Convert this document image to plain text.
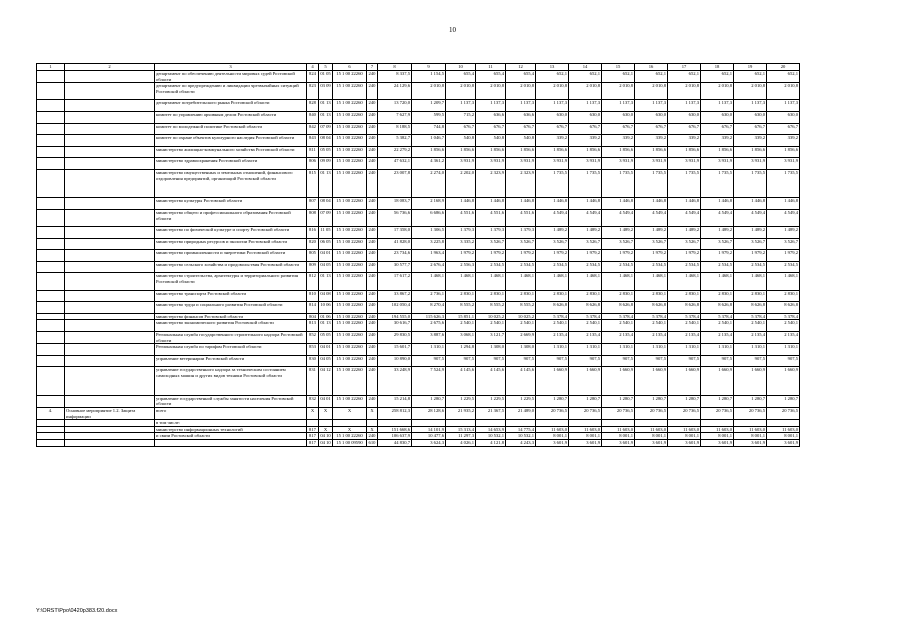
10
1	2	3	4	5	6	7	8	9	10	11	12	13	14	15	16	17	18	19	20
		департамент по обеспечению деятельности мировых судей Ростовской области	824	01 05	15 1 00 22260	240	8 337,5	1 154,5	655,4	655,4	655,4	652,1	652,1	652,1	652,1	652,1	652,1	652,1	652,1
		департамент по предупреждению и ликвидации чрезвычайных ситуаций Ростовской области	823	03 09	15 1 00 22260	240	24 129,6	2 010,8	2 010,8	2 010,8	2 010,8	2 010,8	2 010,8	2 010,8	2 010,8	2 010,8	2 010,8	2 010,8	2 010,8
		департамент потребительского рынка Ростовской области	828	01 13	15 1 00 22260	240	13 720,0	1 209,7	1 137,3	1 137,3	1 137,3	1 137,3	1 137,3	1 137,3	1 137,3	1 137,3	1 137,3	1 137,3	1 137,3
		комитет по управлению архивным делом Ростовской области	840	01 13	15 1 00 22260	240	7 627,9	599,5	715,2	636,6	636,6	630,0	630,0	630,0	630,0	630,0	630,0	630,0	630,0
		комитет по молодежной политике Ростовской области	842	07 09	15 1 00 22260	240	8 188,5	744,8	676,7	676,7	676,7	676,7	676,7	676,7	676,7	676,7	676,7	676,7	676,7
		комитет по охране объектов культурного наследия Ростовской области	843	08 04	15 1 00 22260	240	5 382,7	1 046,7	540,8	540,8	540,8	339,2	339,2	339,2	339,2	339,2	339,2	339,2	339,2
		министерство жилищно-коммунального хозяйства Ростовской области	811	05 05	15 1 00 22260	240	22 279,2	1 856,6	1 856,6	1 856,6	1 856,6	1 856,6	1 856,6	1 856,6	1 856,6	1 856,6	1 856,6	1 856,6	1 856,6
		министерство здравоохранения Ростовской области	806	09 09	15 1 00 22260	240	47 632,1	4 361,2	3 931,9	3 931,9	3 931,9	3 931,9	3 931,9	3 931,9	3 931,9	3 931,9	3 931,9	3 931,9	3 931,9
		министерство имущественных и земельных отношений, финансового оздоровления предприятий, организаций Ростовской области	815	01 13	15 1 00 22260	240	23 007,8	2 274,0	2 202,0	2 323,9	2 323,9	1 735,5	1 735,5	1 735,5	1 735,5	1 735,5	1 735,5	1 735,5	1 735,5
		министерство культуры Ростовской области	807	08 04	15 1 00 22260	240	18 083,7	2 168,9	1 446,8	1 446,8	1 446,8	1 446,8	1 446,8	1 446,8	1 446,8	1 446,8	1 446,8	1 446,8	1 446,8
		министерство общего и профессионального образования Ростовской области	808	07 09	15 1 00 22260	240	56 736,6	6 686,6	4 551,6	4 551,6	4 551,6	4 549,4	4 549,4	4 549,4	4 549,4	4 549,4	4 549,4	4 549,4	4 549,4
		министерство по физической культуре и спорту Ростовской области	816	11 05	15 1 00 22260	240	17 358,0	1 306,5	1 379,3	1 379,3	1 379,3	1 489,2	1 489,2	1 489,2	1 489,2	1 489,2	1 489,2	1 489,2	1 489,2
		министерство природных ресурсов и экологии Ростовской области	820	06 05	15 1 00 22260	240	41 828,0	3 225,8	3 335,2	3 526,7	3 526,7	3 526,7	3 526,7	3 526,7	3 526,7	3 526,7	3 526,7	3 526,7	3 526,7
		министерство промышленности и энергетики Ростовской области	805	04 01	15 1 00 22260	240	23 734,6	1 963,4	1 979,2	1 979,2	1 979,2	1 979,2	1 979,2	1 979,2	1 979,2	1 979,2	1 979,2	1 979,2	1 979,2
		министерство сельского хозяйства и продовольствия Ростовской области	809	04 05	15 1 00 22260	240	30 577,7	2 676,4	2 556,3	2 534,5	2 534,5	2 534,5	2 534,5	2 534,5	2 534,5	2 534,5	2 534,5	2 534,5	2 534,5
		министерство строительства, архитектуры и территориального развития Ростовской области	812	01 13	15 1 00 22260	240	17 617,2	1 468,1	1 468,1	1 468,1	1 468,1	1 468,1	1 468,1	1 468,1	1 468,1	1 468,1	1 468,1	1 468,1	1 468,1
		министерство транспорта Ростовской области	810	04 08	15 1 00 22260	240	33 867,2	2 736,1	2 830,1	2 830,1	2 830,1	2 830,1	2 830,1	2 830,1	2 830,1	2 830,1	2 830,1	2 830,1	2 830,1
		министерство труда и социального развития Ростовской области	814	10 06	15 1 00 22260	240	102 050,4	8 270,4	8 555,2	8 555,2	8 555,2	8 626,8	8 626,8	8 626,8	8 626,8	8 626,8	8 626,8	8 626,8	8 626,8
		министерство финансов Ростовской области	804	01 06	15 1 00 22260	240	194 555,0	115 626,3	15 851,1	10 025,2	10 025,2	5 378,4	5 378,4	5 378,4	5 378,4	5 378,4	5 378,4	5 378,4	5 378,4
		министерство экономического развития Ростовской области	813	01 13	15 1 00 22260	240	30 616,7	2 675,6	2 540,1	2 540,1	2 540,1	2 540,1	2 540,1	2 540,1	2 540,1	2 540,1	2 540,1	2 540,1	2 540,1
		Региональная служба государственного строительного надзора Ростовской области	852	05 05	15 1 00 22260	240	29 830,5	3 887,6	3 068,1	3 121,7	2 669,9	2 135,4	2 135,4	2 135,4	2 135,4	2 135,4	2 135,4	2 135,4	2 135,4
		Региональная служба по тарифам Ростовской области	853	04 01	15 1 00 22260	240	15 601,7	1 310,1	1 294,8	1 308,0	1 308,0	1 310,1	1 310,1	1 310,1	1 310,1	1 310,1	1 310,1	1 310,1	1 310,1
		управление ветеринарии Ростовской области	830	04 05	15 1 00 22260	240	10 890,0	907,5	907,5	907,5	907,5	907,5	907,5	907,5	907,5	907,5	907,5	907,5	907,5
		управление государственного надзора за техническим состоянием самоходных машин и других видов техники Ростовской области	831	04 12	15 1 00 22260	240	33 248,9	7 524,9	4 145,6	4 145,6	4 145,6	1 660,9	1 660,9	1 660,9	1 660,9	1 660,9	1 660,9	1 660,9	1 660,9
		управление государственной службы занятости населения Ростовской области	832	04 01	15 1 00 22260	240	15 214,8	1 280,7	1 229,5	1 229,5	1 229,5	1 280,7	1 280,7	1 280,7	1 280,7	1 280,7	1 280,7	1 280,7	1 280,7
4.	Основное мероприятие 1.2. Защита информации	всего	X	X	X	X	258 812,3	28 128,6	21 935,2	21 367,5	21 489,0	20 736,5	20 736,5	20 736,5	20 736,5	20 736,5	20 736,5	20 736,5	20 736,5
		в том числе:																	
		министерство информационных технологий	817	X	X	X	151 668,6	14 101,9	15 313,4	14 653,9	14 775,4	11 603,0	11 603,0	11 603,0	11 603,0	11 603,0	11 603,0	11 603,0	11 603,0
		и связи Ростовской области	817	04 10	15 1 00 22260	240	106 637,9	10 477,6	11 297,3	10 532,1	10 532,1	8 001,1	8 001,1	8 001,1	8 001,1	8 001,1	8 001,1	8 001,1	8 001,1
			817	04 10	15 1 00 09590	610	44 830,7	3 624,3	4 026,1	4 121,8	4 243,3	3 601,9	3 601,9	3 601,9	3 601,9	3 601,9	3 601,9	3 601,9	3 601,9
Y:\ORST\Ppo\0420p383.f20.docx
